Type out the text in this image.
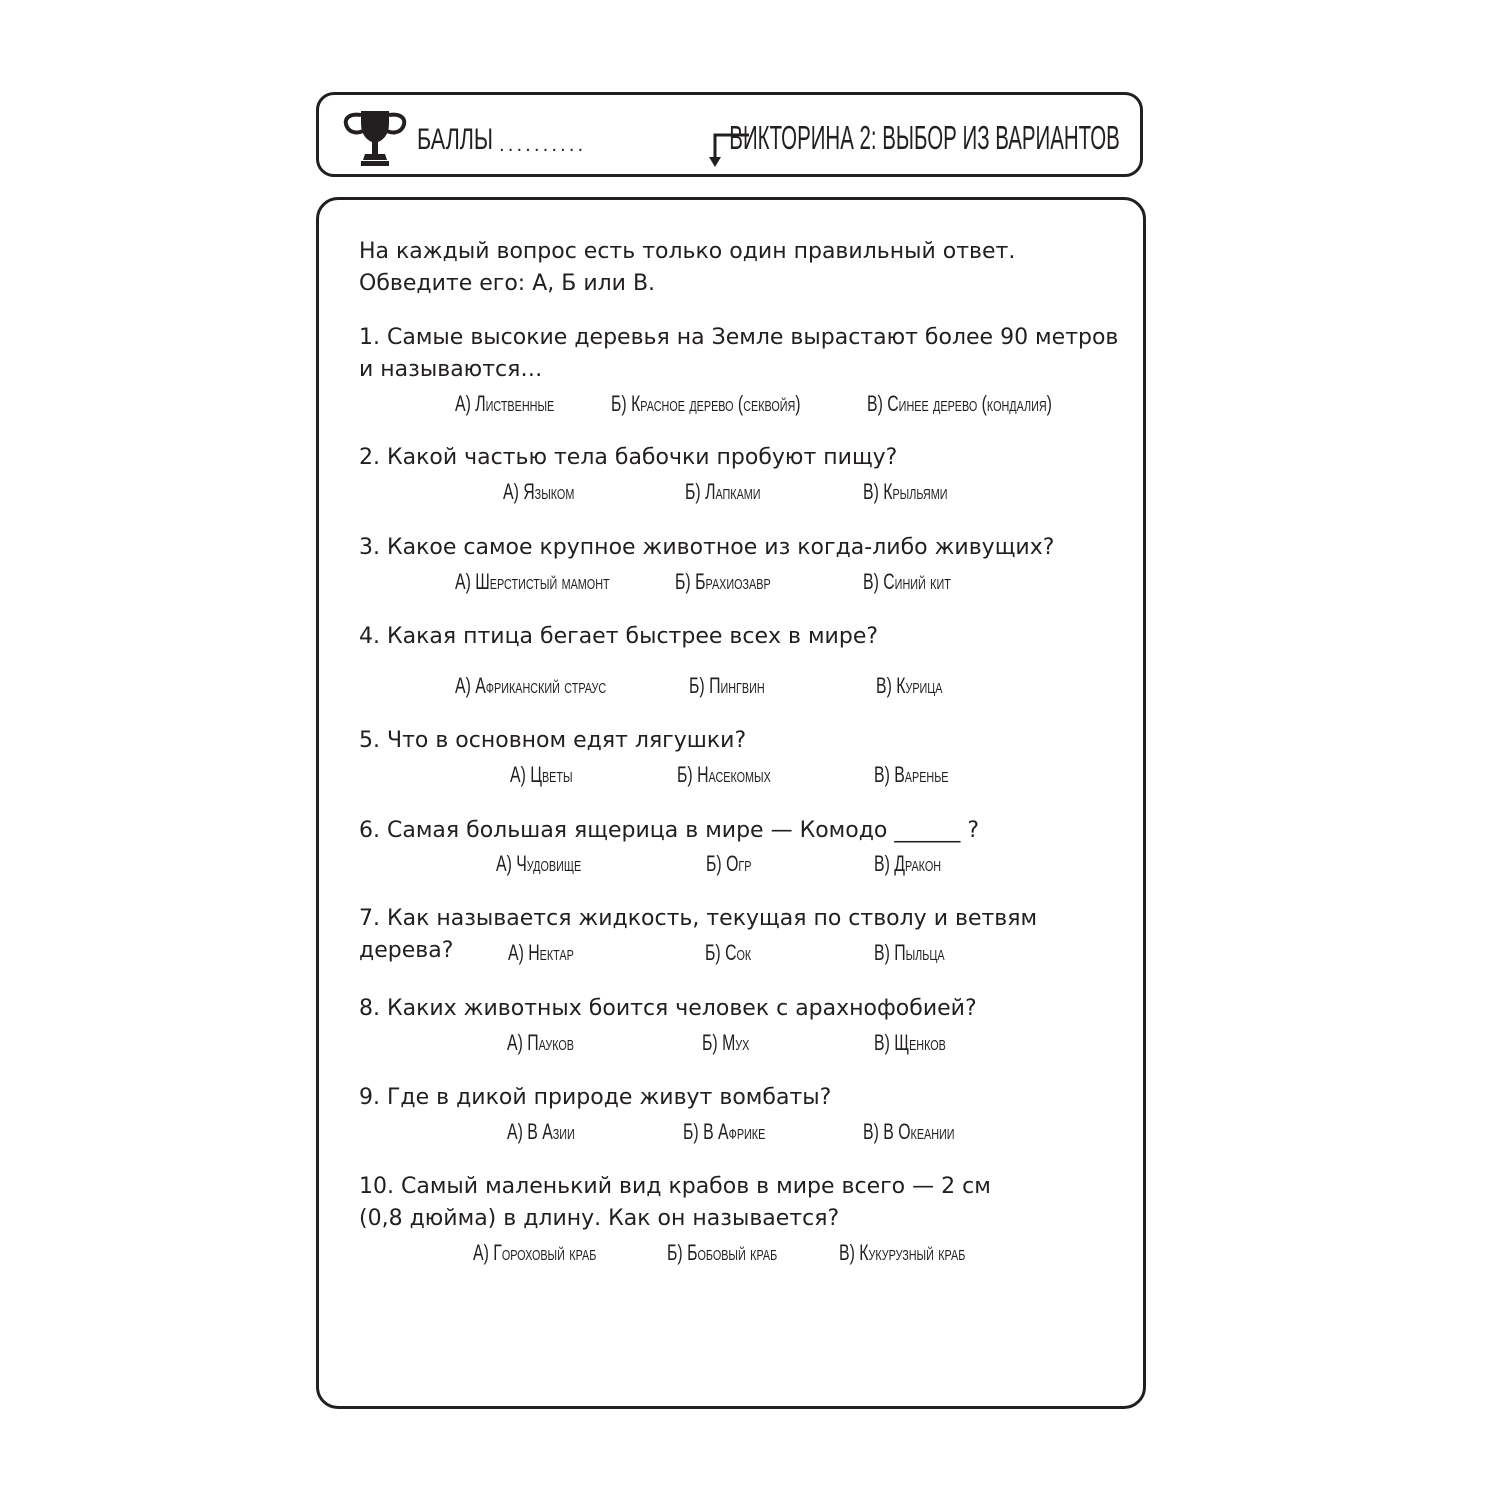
БАЛЛЫ ..........	ВИКТОРИНА 2: ВЫБОР ИЗ ВАРИАНТОВ
На каждый вопрос есть только один правильный ответ.
Обведите его: А, Б или В.
1. Самые высокие деревья на Земле вырастают более 90 метров
и называются…
А) Лиственные	Б) Красное дерево (секвойя)	В) Синее дерево (кондалия)
2. Какой частью тела бабочки пробуют пищу?
А) Языком	Б) Лапками	В) Крыльями
3. Какое самое крупное животное из когда-либо живущих?
А) Шерстистый мамонт	Б) Брахиозавр	В) Синий кит
4. Какая птица бегает быстрее всех в мире?
А) Африканский страус	Б) Пингвин	В) Курица
5. Что в основном едят лягушки?
А) Цветы	Б) Насекомых	В) Варенье
6. Самая большая ящерица в мире — Комодо ______ ?
А) Чудовище	Б) Огр	В) Дракон
7. Как называется жидкость, текущая по стволу и ветвям дерева?	А) Нектар	Б) Сок	В) Пыльца
8. Каких животных боится человек с арахнофобией?
А) Пауков	Б) Мух	В) Щенков
9. Где в дикой природе живут вомбаты?
А) В Азии	Б) В Африке	В) В Океании
10. Самый маленький вид крабов в мире всего — 2 см
(0,8 дюйма) в длину. Как он называется?
А) Гороховый краб	Б) Бобовый краб	В) Кукурузный краб
